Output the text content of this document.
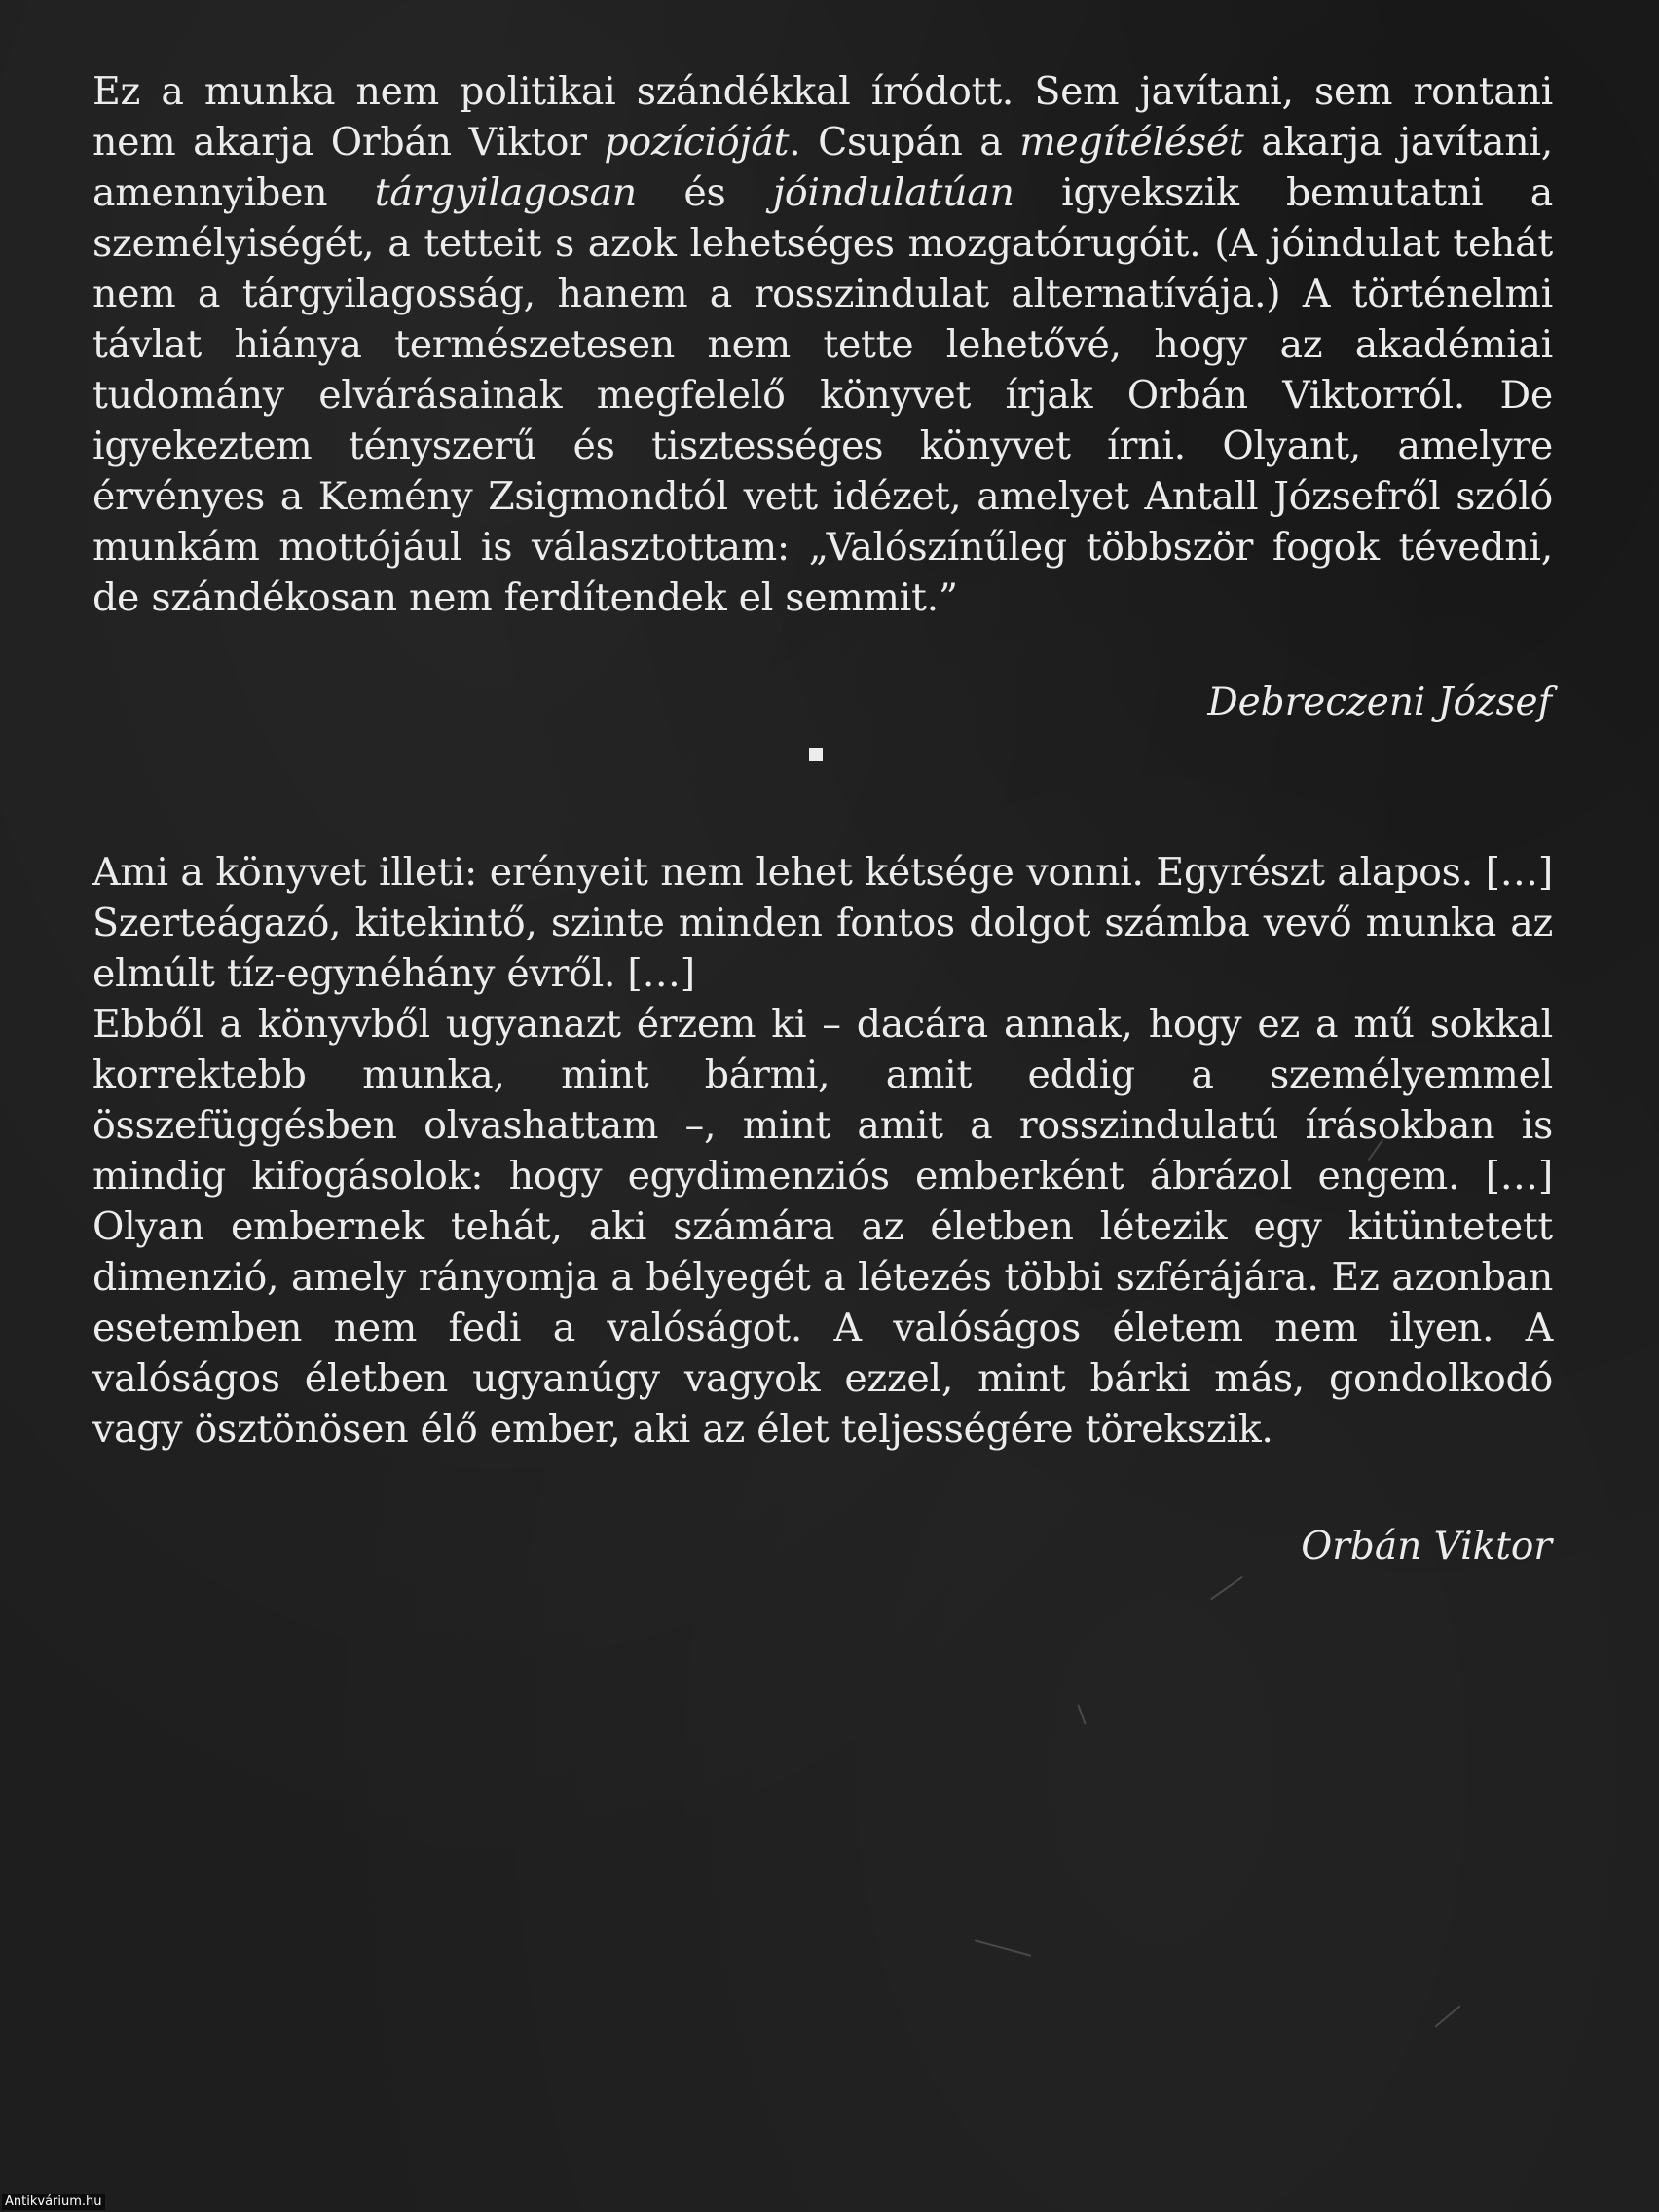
Ez a munka nem politikai szándékkal íródott. Sem javítani, sem rontani nem akarja Orbán Viktor pozícióját. Csupán a megítélését akarja javítani, amennyiben tárgyilagosan és jóindulatúan igyekszik bemutatni a személyiségét, a tetteit s azok lehetséges mozgatórugóit. (A jóindulat tehát nem a tárgyilagosság, hanem a rosszindulat alternatívája.) A történelmi távlat hiánya természetesen nem tette lehetővé, hogy az akadémiai tudomány elvárásainak megfelelő könyvet írjak Orbán Viktorról. De igyekeztem tényszerű és tisztességes könyvet írni. Olyant, amelyre érvényes a Kemény Zsigmondtól vett idézet, amelyet Antall Józsefről szóló munkám mottójául is választottam: „Valószínűleg többször fogok tévedni, de szándékosan nem ferdítendek el semmit.”

Debreczeni József

Ami a könyvet illeti: erényeit nem lehet kétsége vonni. Egyrészt alapos. […] Szerteágazó, kitekintő, szinte minden fontos dolgot számba vevő munka az elmúlt tíz-egynéhány évről. […]

Ebből a könyvből ugyanazt érzem ki – dacára annak, hogy ez a mű sokkal korrektebb munka, mint bármi, amit eddig a személyemmel összefüggésben olvashattam –, mint amit a rosszindulatú írásokban is mindig kifogásolok: hogy egydimenziós emberként ábrázol engem. […] Olyan embernek tehát, aki számára az életben létezik egy kitüntetett dimenzió, amely rányomja a bélyegét a létezés többi szférájára. Ez azonban esetemben nem fedi a valóságot. A valóságos életem nem ilyen. A valóságos életben ugyanúgy vagyok ezzel, mint bárki más, gondolkodó vagy ösztönösen élő ember, aki az élet teljességére törekszik.

Orbán Viktor
Antikvárium.hu
